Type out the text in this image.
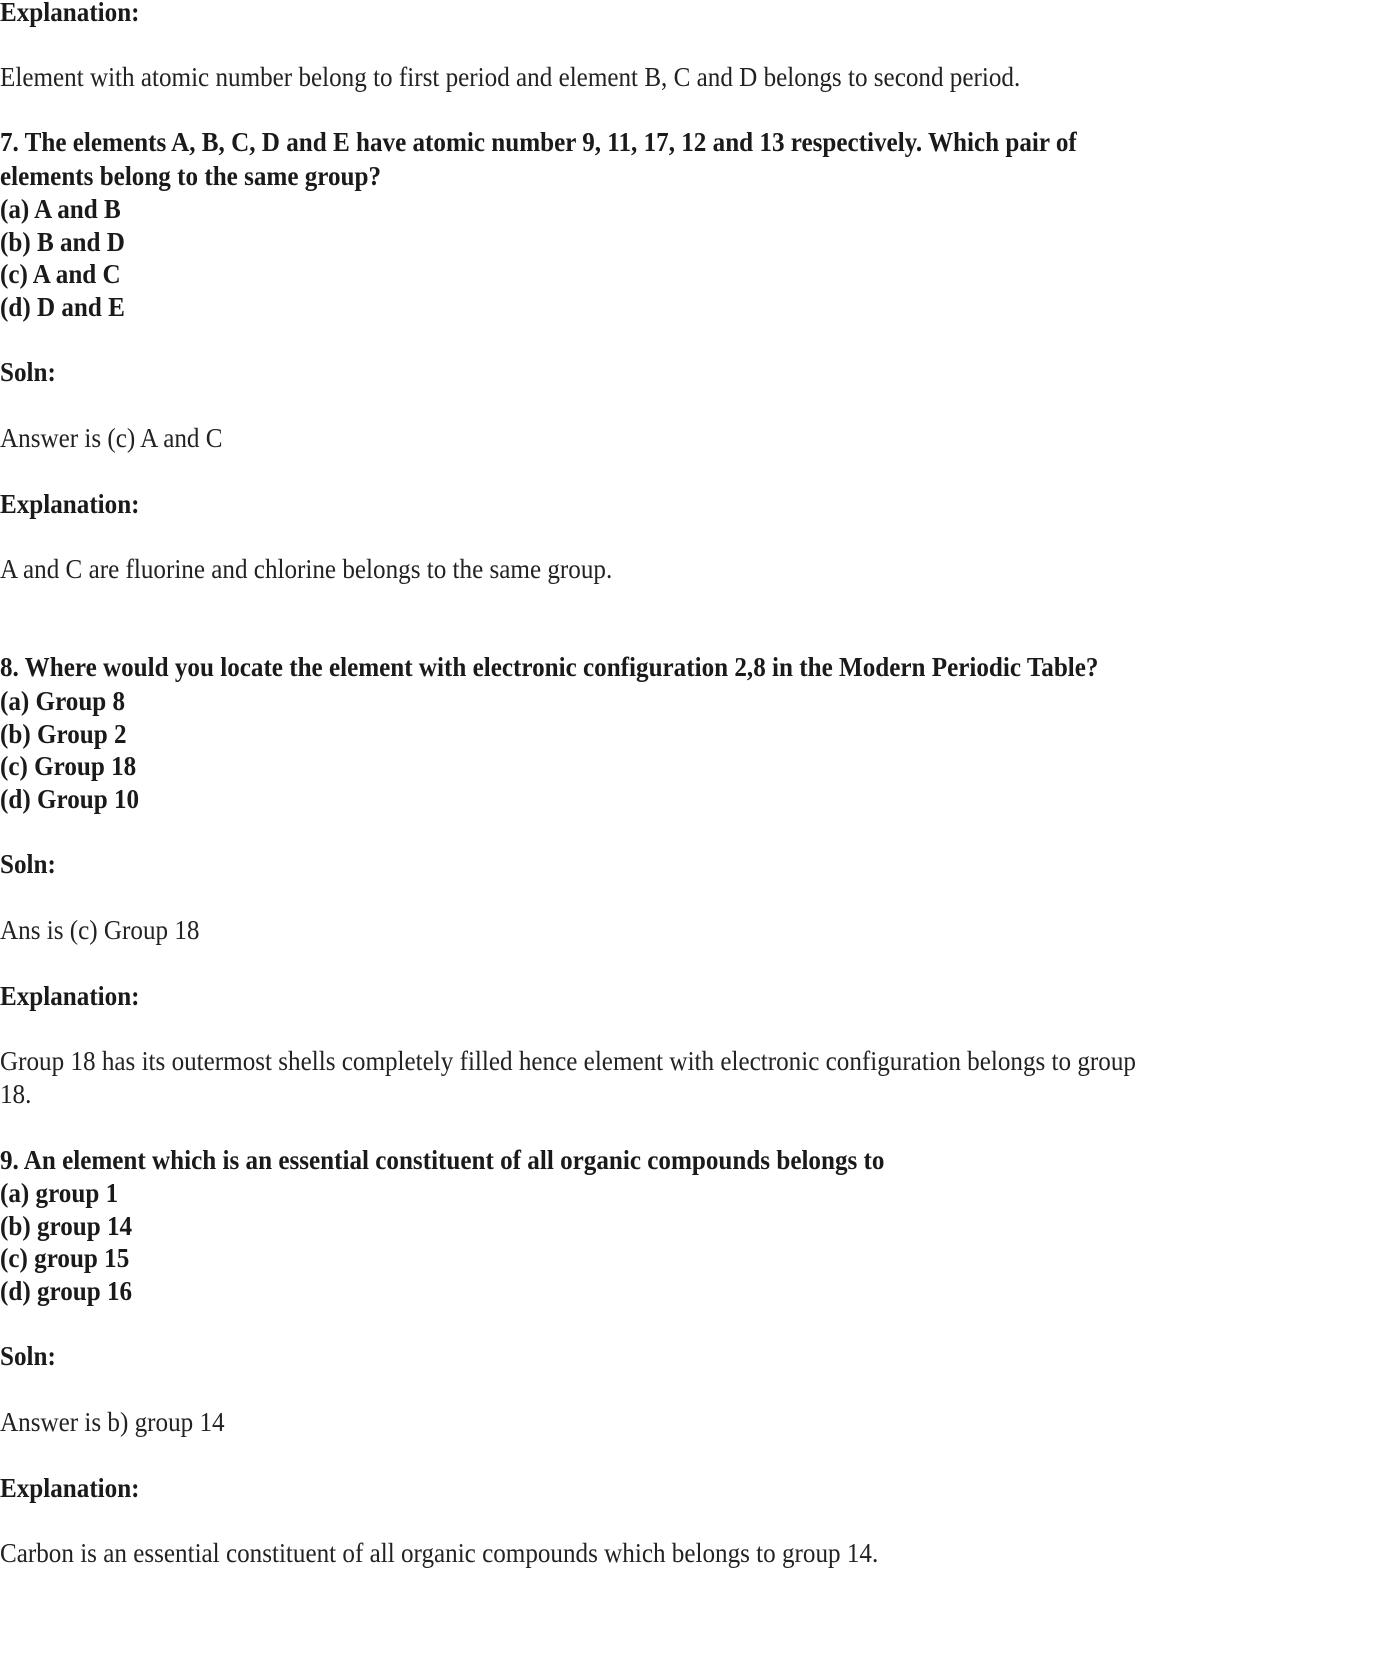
Explanation:
Element with atomic number belong to first period and element B, C and D belongs to second period.
7. The elements A, B, C, D and E have atomic number 9, 11, 17, 12 and 13 respectively. Which pair of
elements belong to the same group?
(a) A and B
(b) B and D
(c) A and C
(d) D and E
Soln:
Answer is (c) A and C
Explanation:
A and C are fluorine and chlorine belongs to the same group.
8. Where would you locate the element with electronic configuration 2,8 in the Modern Periodic Table?
(a) Group 8
(b) Group 2
(c) Group 18
(d) Group 10
Soln:
Ans is (c) Group 18
Explanation:
Group 18 has its outermost shells completely filled hence element with electronic configuration belongs to group
18.
9. An element which is an essential constituent of all organic compounds belongs to
(a) group 1
(b) group 14
(c) group 15
(d) group 16
Soln:
Answer is b) group 14
Explanation:
Carbon is an essential constituent of all organic compounds which belongs to group 14.
